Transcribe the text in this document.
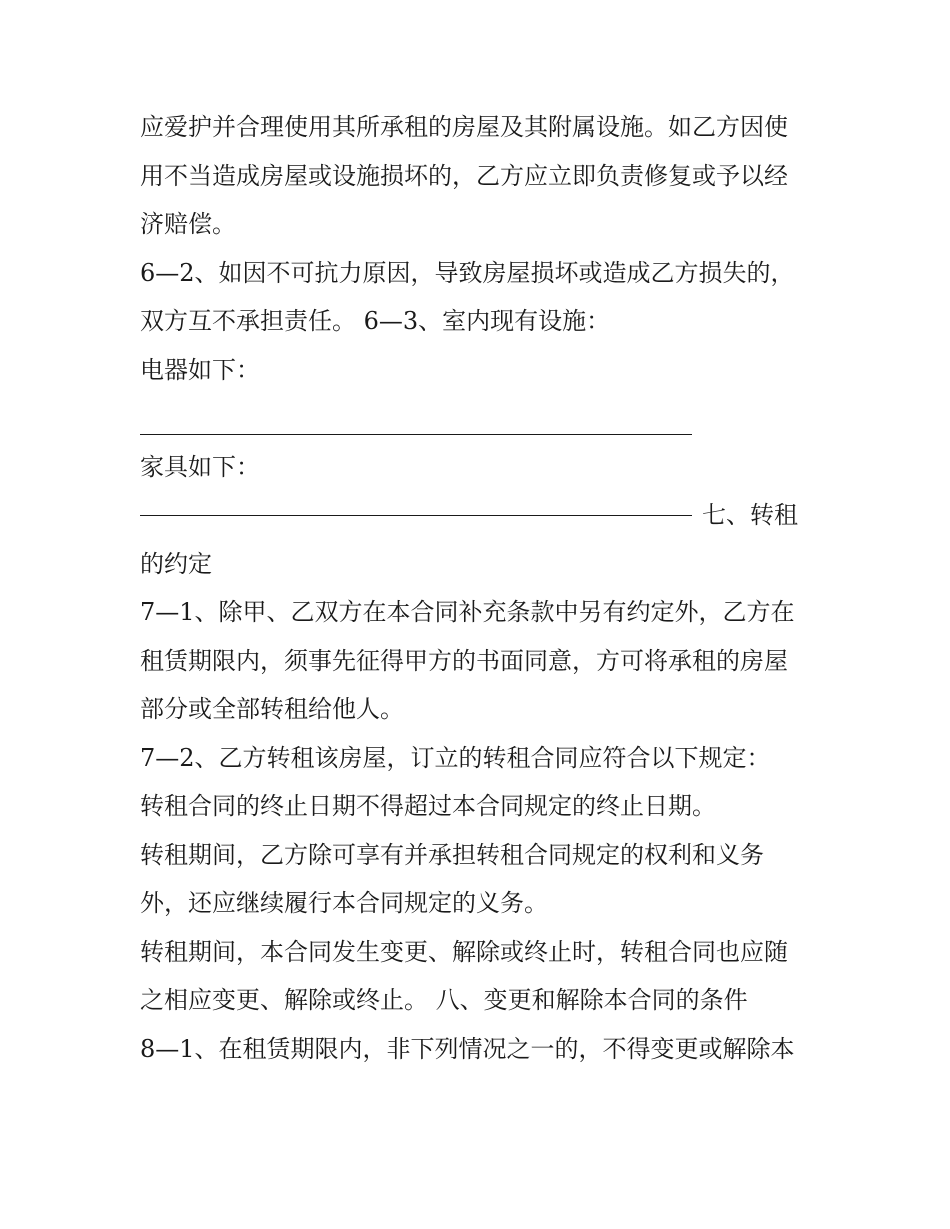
应爱护并合理使用其所承租的房屋及其附属设施。如乙方因使
用不当造成房屋或设施损坏的，乙方应立即负责修复或予以经
济赔偿。
6—2、如因不可抗力原因，导致房屋损坏或造成乙方损失的，
双方互不承担责任。 6—3、室内现有设施：
电器如下：
家具如下：
七、转租
的约定
7—1、除甲、乙双方在本合同补充条款中另有约定外，乙方在
租赁期限内，须事先征得甲方的书面同意，方可将承租的房屋
部分或全部转租给他人。
7—2、乙方转租该房屋，订立的转租合同应符合以下规定：
转租合同的终止日期不得超过本合同规定的终止日期。
转租期间，乙方除可享有并承担转租合同规定的权利和义务
外，还应继续履行本合同规定的义务。
转租期间，本合同发生变更、解除或终止时，转租合同也应随
之相应变更、解除或终止。 八、变更和解除本合同的条件
8—1、在租赁期限内，非下列情况之一的，不得变更或解除本
